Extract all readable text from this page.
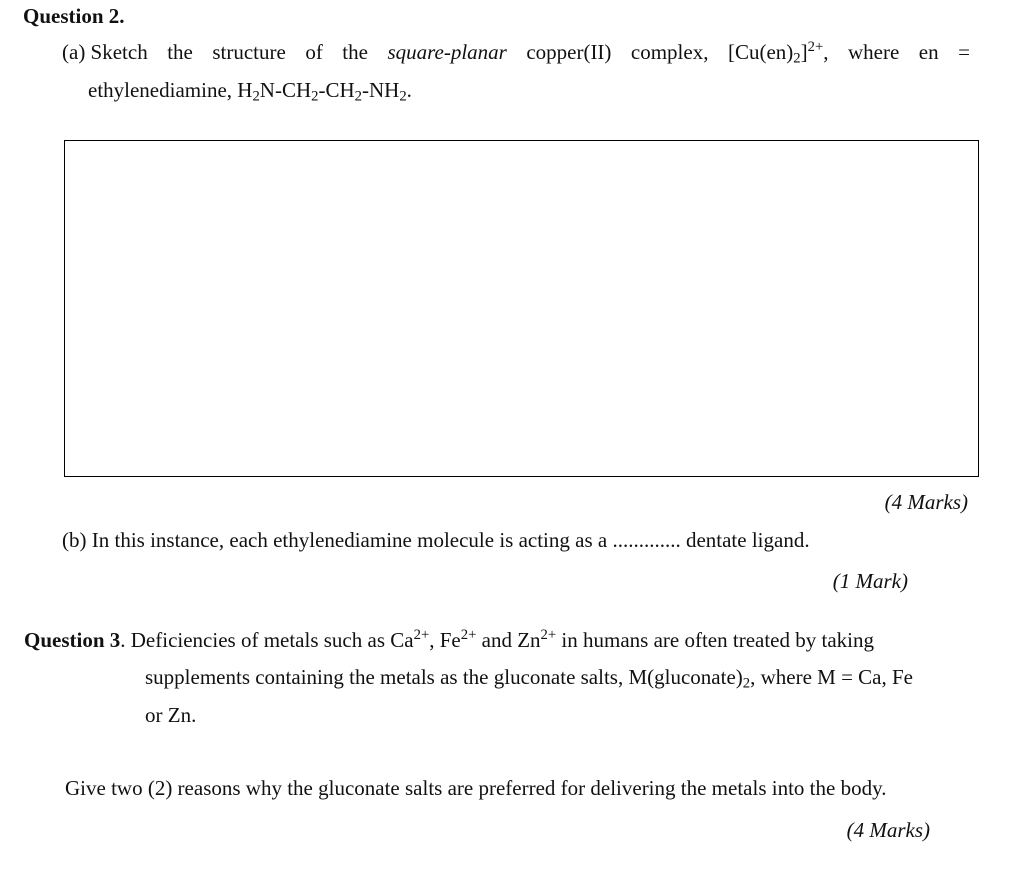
Question 2.
(a) Sketch the structure of the square-planar copper(II) complex, $[Cu(en)_2]^{2+}$, where en =
ethylenediamine, $H_2N-CH_2-CH_2-NH_2$.
(4 Marks)
(b) In this instance, each ethylenediamine molecule is acting as a ............. dentate ligand.
(1 Mark)
Question 3. Deficiencies of metals such as $Ca^{2+}$, $Fe^{2+}$ and $Zn^{2+}$ in humans are often treated by taking
supplements containing the metals as the gluconate salts, $M(gluconate)_2$, where M = Ca, Fe
or Zn.
Give two (2) reasons why the gluconate salts are preferred for delivering the metals into the body.
(4 Marks)
